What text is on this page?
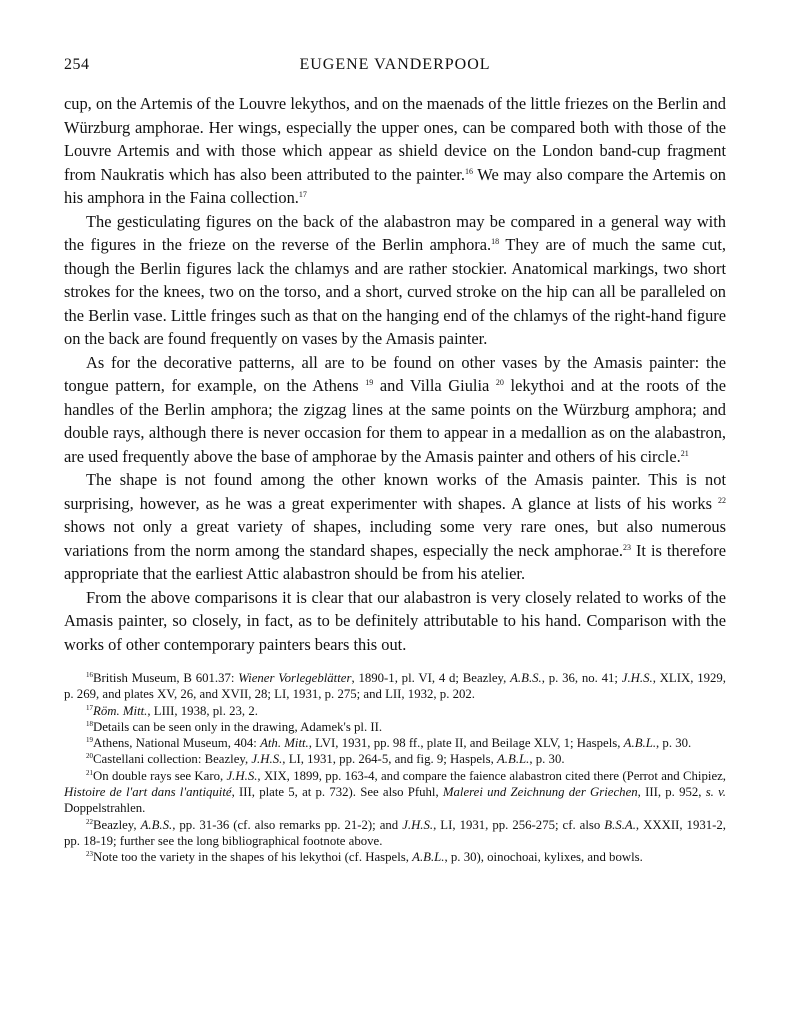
254	EUGENE VANDERPOOL

cup, on the Artemis of the Louvre lekythos, and on the maenads of the little friezes on the Berlin and Würzburg amphorae. Her wings, especially the upper ones, can be compared both with those of the Louvre Artemis and with those which appear as shield device on the London band-cup fragment from Naukratis which has also been attributed to the painter.$^{16}$ We may also compare the Artemis on his amphora in the Faina collection.$^{17}$

The gesticulating figures on the back of the alabastron may be compared in a general way with the figures in the frieze on the reverse of the Berlin amphora.$^{18}$ They are of much the same cut, though the Berlin figures lack the chlamys and are rather stockier. Anatomical markings, two short strokes for the knees, two on the torso, and a short, curved stroke on the hip can all be paralleled on the Berlin vase. Little fringes such as that on the hanging end of the chlamys of the right-hand figure on the back are found frequently on vases by the Amasis painter.

As for the decorative patterns, all are to be found on other vases by the Amasis painter: the tongue pattern, for example, on the Athens $^{19}$ and Villa Giulia $^{20}$ lekythoi and at the roots of the handles of the Berlin amphora; the zigzag lines at the same points on the Würzburg amphora; and double rays, although there is never occasion for them to appear in a medallion as on the alabastron, are used frequently above the base of amphorae by the Amasis painter and others of his circle.$^{21}$

The shape is not found among the other known works of the Amasis painter. This is not surprising, however, as he was a great experimenter with shapes. A glance at lists of his works $^{22}$ shows not only a great variety of shapes, including some very rare ones, but also numerous variations from the norm among the standard shapes, especially the neck amphorae.$^{23}$ It is therefore appropriate that the earliest Attic alabastron should be from his atelier.

From the above comparisons it is clear that our alabastron is very closely related to works of the Amasis painter, so closely, in fact, as to be definitely attributable to his hand. Comparison with the works of other contemporary painters bears this out.

$^{16}$British Museum, B 601.37: Wiener Vorlegeblätter, 1890-1, pl. VI, 4 d; Beazley, A.B.S., p. 36, no. 41; J.H.S., XLIX, 1929, p. 269, and plates XV, 26, and XVII, 28; LI, 1931, p. 275; and LII, 1932, p. 202.

$^{17}$Röm. Mitt., LIII, 1938, pl. 23, 2.

$^{18}$Details can be seen only in the drawing, Adamek's pl. II.

$^{19}$Athens, National Museum, 404: Ath. Mitt., LVI, 1931, pp. 98 ff., plate II, and Beilage XLV, 1; Haspels, A.B.L., p. 30.

$^{20}$Castellani collection: Beazley, J.H.S., LI, 1931, pp. 264-5, and fig. 9; Haspels, A.B.L., p. 30.

$^{21}$On double rays see Karo, J.H.S., XIX, 1899, pp. 163-4, and compare the faience alabastron cited there (Perrot and Chipiez, Histoire de l'art dans l'antiquité, III, plate 5, at p. 732). See also Pfuhl, Malerei und Zeichnung der Griechen, III, p. 952, s. v. Doppelstrahlen.

$^{22}$Beazley, A.B.S., pp. 31-36 (cf. also remarks pp. 21-2); and J.H.S., LI, 1931, pp. 256-275; cf. also B.S.A., XXXII, 1931-2, pp. 18-19; further see the long bibliographical footnote above.

$^{23}$Note too the variety in the shapes of his lekythoi (cf. Haspels, A.B.L., p. 30), oinochoai, kylixes, and bowls.
